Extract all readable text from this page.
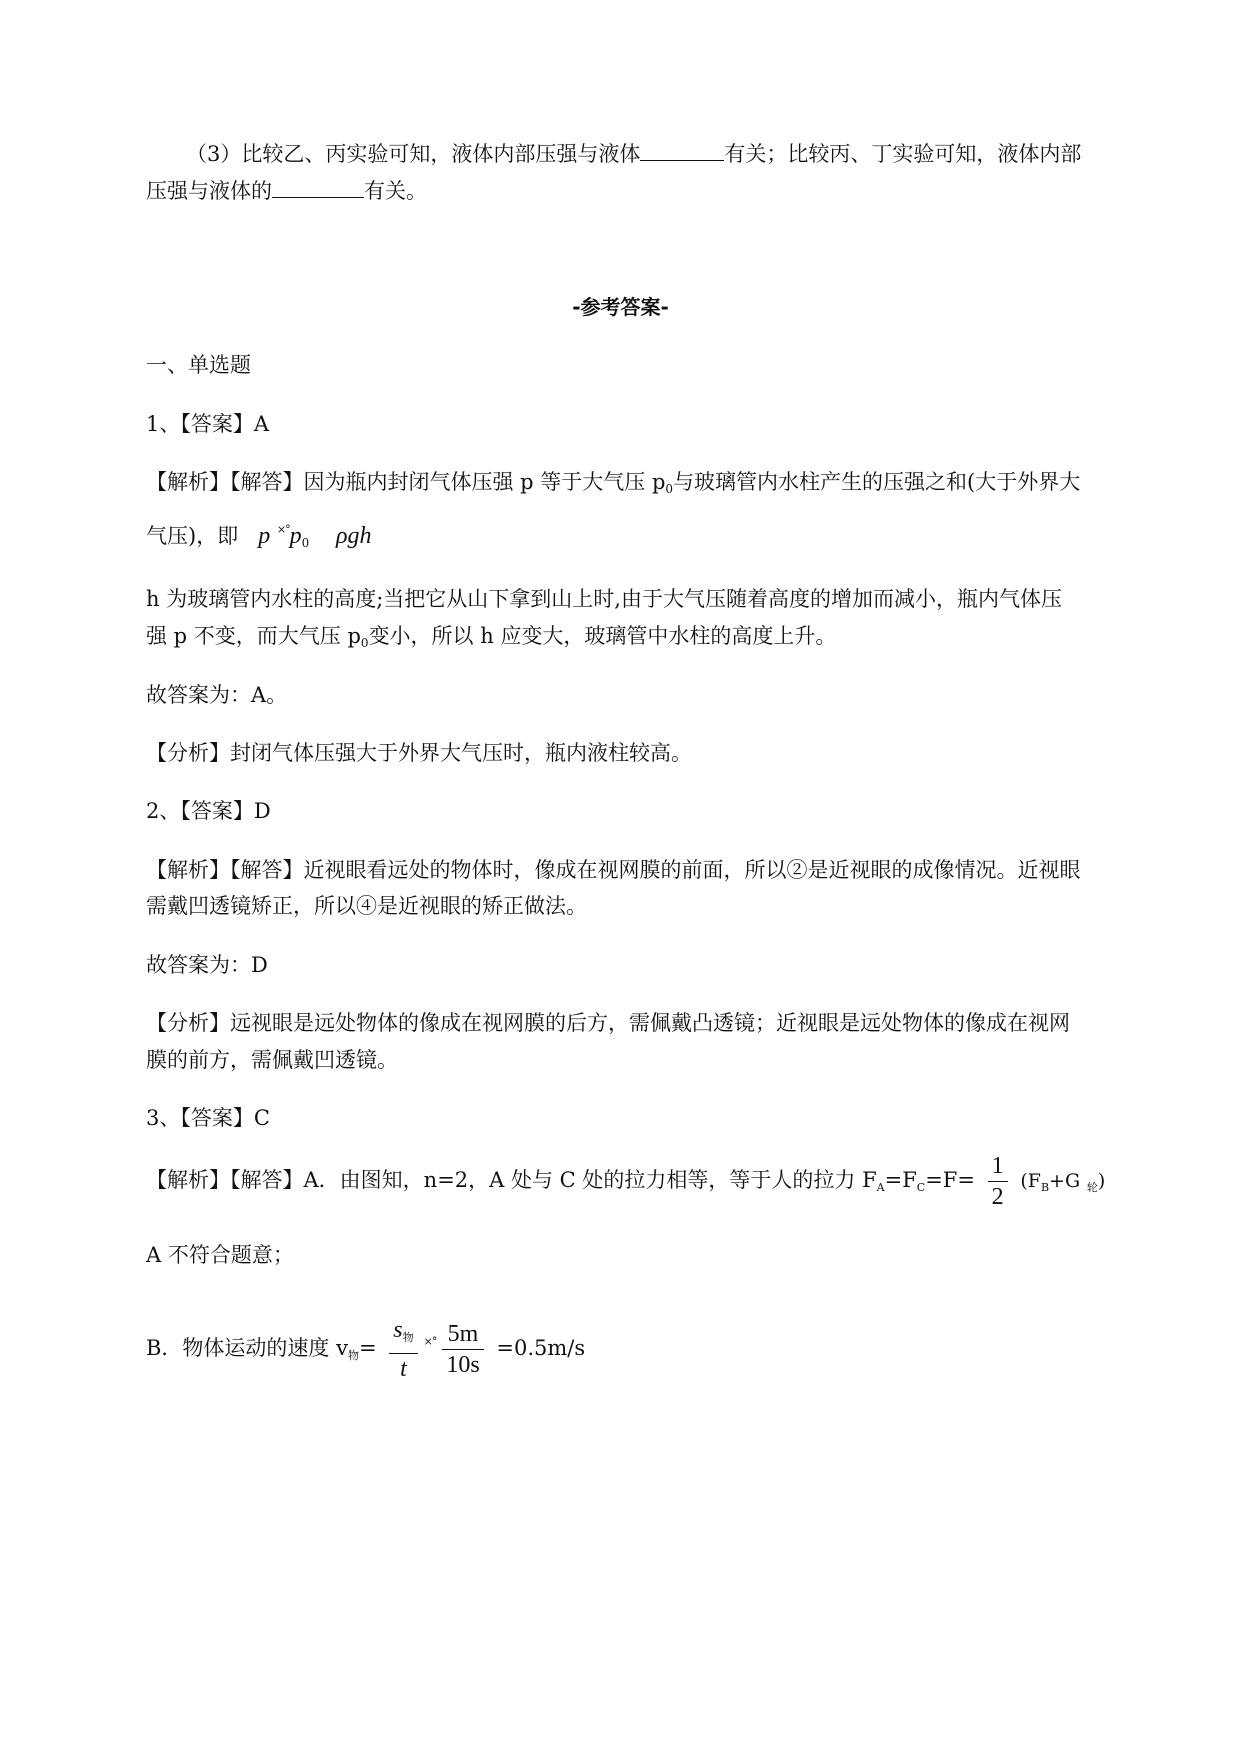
（3）比较乙、丙实验可知，液体内部压强与液体	有关；比较丙、丁实验可知，液体内部
压强与液体的	有关。
-参考答案-
一、单选题
1、【答案】A
【解析】【解答】因为瓶内封闭气体压强 p 等于大气压 $p_0$与玻璃管内水柱产生的压强之和(大于外界大
气压)，即 p $^{\times^\circ}p_0$ ρgh
h 为玻璃管内水柱的高度;当把它从山下拿到山上时,由于大气压随着高度的增加而减小，瓶内气体压
强 p 不变，而大气压 $p_0$变小，所以 h 应变大，玻璃管中水柱的高度上升。
故答案为：A。
【分析】封闭气体压强大于外界大气压时，瓶内液柱较高。
2、【答案】D
【解析】【解答】近视眼看远处的物体时，像成在视网膜的前面，所以②是近视眼的成像情况。近视眼
需戴凹透镜矫正，所以④是近视眼的矫正做法。
故答案为：D
【分析】远视眼是远处物体的像成在视网膜的后方，需佩戴凸透镜；近视眼是远处物体的像成在视网
膜的前方，需佩戴凹透镜。
3、【答案】C
【解析】【解答】A．由图知，n=2，A 处与 C 处的拉力相等，等于人的拉力 $FA=FC=F= \frac{1}{2} (FB+G$ 轮)
A 不符合题意；
B．物体运动的速度 v物= $\frac{\text{s物}}{t} ^{\times^\circ} \frac{5m}{10s} =0.5m/s$
